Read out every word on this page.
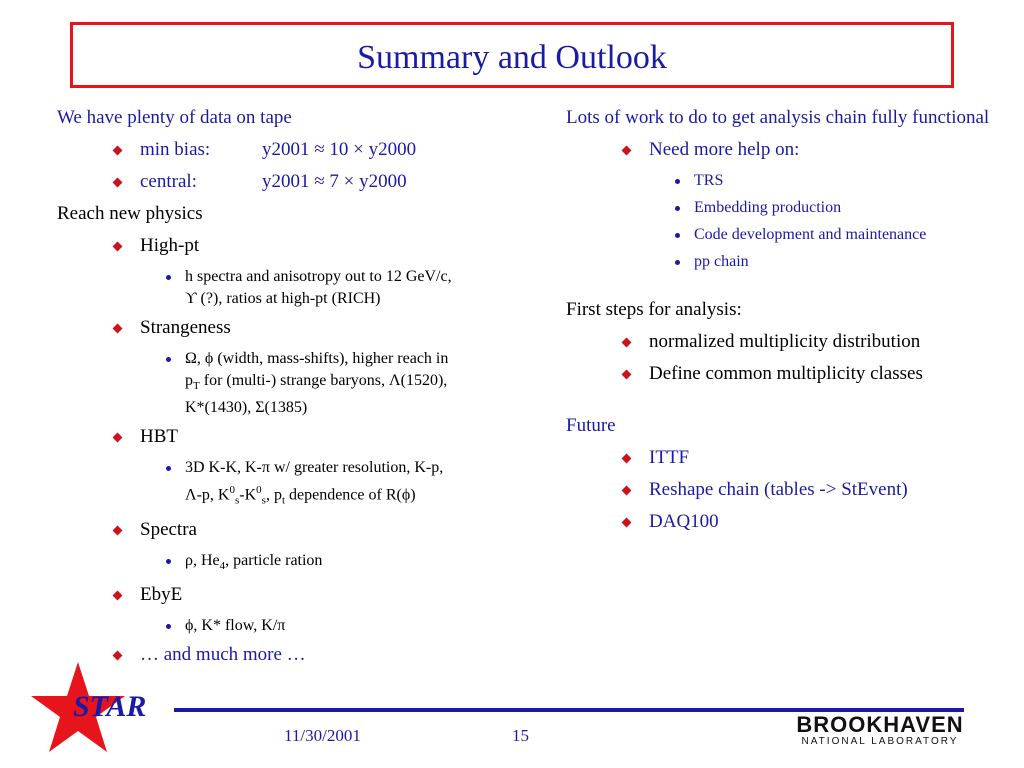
Summary and Outlook
We have plenty of data on tape
min bias:	y2001 ≈ 10 × y2000
central:	y2001 ≈ 7 × y2000
Reach new physics
High-pt
h spectra and anisotropy out to 12 GeV/c,
ϒ (?), ratios at high-pt (RICH)
Strangeness
Ω, ϕ (width, mass-shifts), higher reach in
$p_T$ for (multi-) strange baryons, Λ(1520),
K*(1430), Σ(1385)
HBT
3D K-K, K-π w/ greater resolution, K-p,
Λ-p, $K^0_s-K^0_s$, $p_t$ dependence of R(ϕ)
Spectra
ρ, $He_4$, particle ration
EbyE
ϕ, K* flow, K/π
… and much more …
Lots of work to do to get analysis chain fully functional
Need more help on:
TRS
Embedding production
Code development and maintenance
pp chain
First steps for analysis:
normalized multiplicity distribution
Define common multiplicity classes
Future
ITTF
Reshape chain (tables -> StEvent)
DAQ100
STAR
11/30/2001	15	BROOKHAVEN
NATIONAL LABORATORY
